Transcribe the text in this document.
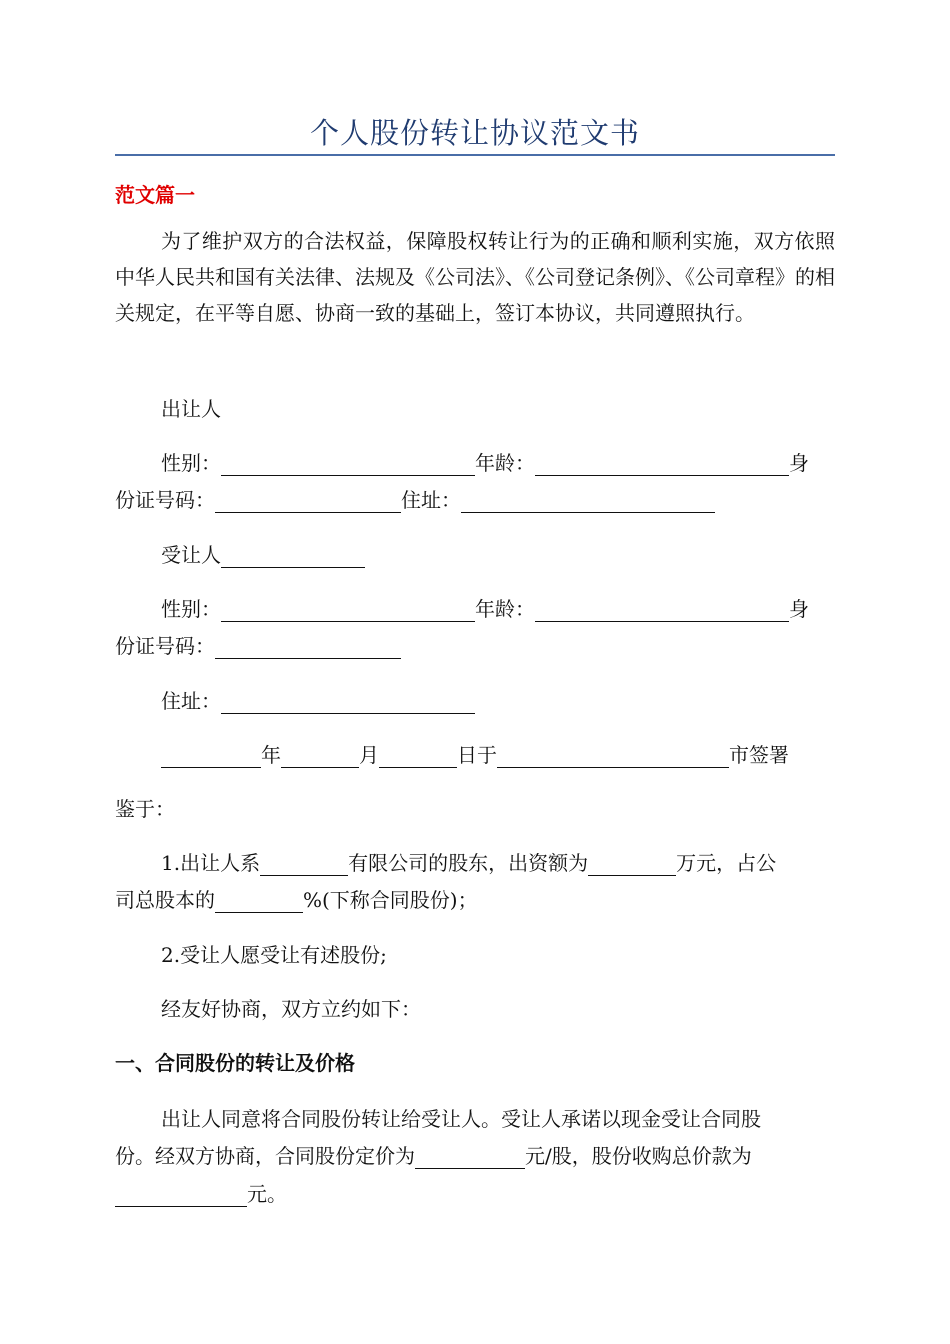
个人股份转让协议范文书
范文篇一
为了维护双方的合法权益，保障股权转让行为的正确和顺利实施，双方依照中华人民共和国有关法律、法规及《公司法》、《公司登记条例》、《公司章程》的相关规定，在平等自愿、协商一致的基础上，签订本协议，共同遵照执行。
出让人
性别：	年龄：	身
份证号码：	住址：
受让人
性别：	年龄：	身
份证号码：
住址：
年	月	日于	市签署
鉴于：
1.出让人系	有限公司的股东，出资额为	万元，占公
司总股本的	%(下称合同股份)；
2.受让人愿受让有述股份;
经友好协商，双方立约如下：
一、合同股份的转让及价格
出让人同意将合同股份转让给受让人。受让人承诺以现金受让合同股
份。经双方协商，合同股份定价为	元/股，股份收购总价款为
元。
